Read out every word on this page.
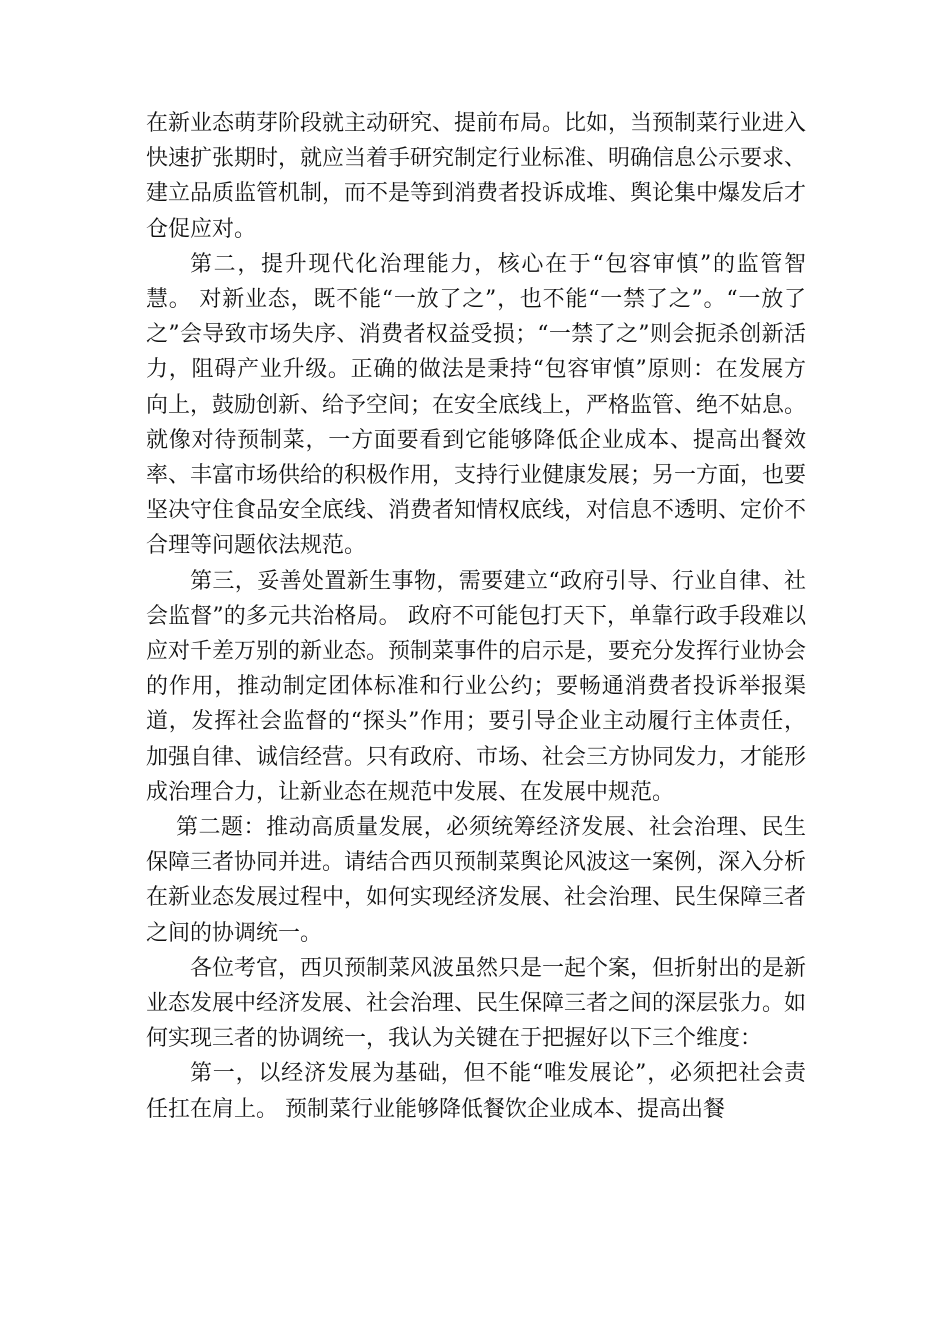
在新业态萌芽阶段就主动研究、提前布局。比如，当预制菜行业进入快速扩张期时，就应当着手研究制定行业标准、明确信息公示要求、建立品质监管机制，而不是等到消费者投诉成堆、舆论集中爆发后才仓促应对。

第二，提升现代化治理能力，核心在于“包容审慎”的监管智慧。 对新业态，既不能“一放了之”，也不能“一禁了之”。“一放了之”会导致市场失序、消费者权益受损；“一禁了之”则会扼杀创新活力，阻碍产业升级。正确的做法是秉持“包容审慎”原则：在发展方向上，鼓励创新、给予空间；在安全底线上，严格监管、绝不姑息。就像对待预制菜，一方面要看到它能够降低企业成本、提高出餐效率、丰富市场供给的积极作用，支持行业健康发展；另一方面，也要坚决守住食品安全底线、消费者知情权底线，对信息不透明、定价不合理等问题依法规范。

第三，妥善处置新生事物，需要建立“政府引导、行业自律、社会监督”的多元共治格局。 政府不可能包打天下，单靠行政手段难以应对千差万别的新业态。预制菜事件的启示是，要充分发挥行业协会的作用，推动制定团体标准和行业公约；要畅通消费者投诉举报渠道，发挥社会监督的“探头”作用；要引导企业主动履行主体责任，加强自律、诚信经营。只有政府、市场、社会三方协同发力，才能形成治理合力，让新业态在规范中发展、在发展中规范。

第二题：推动高质量发展，必须统筹经济发展、社会治理、民生保障三者协同并进。请结合西贝预制菜舆论风波这一案例，深入分析在新业态发展过程中，如何实现经济发展、社会治理、民生保障三者之间的协调统一。

各位考官，西贝预制菜风波虽然只是一起个案，但折射出的是新业态发展中经济发展、社会治理、民生保障三者之间的深层张力。如何实现三者的协调统一，我认为关键在于把握好以下三个维度：

第一，以经济发展为基础，但不能“唯发展论”，必须把社会责任扛在肩上。 预制菜行业能够降低餐饮企业成本、提高出餐
